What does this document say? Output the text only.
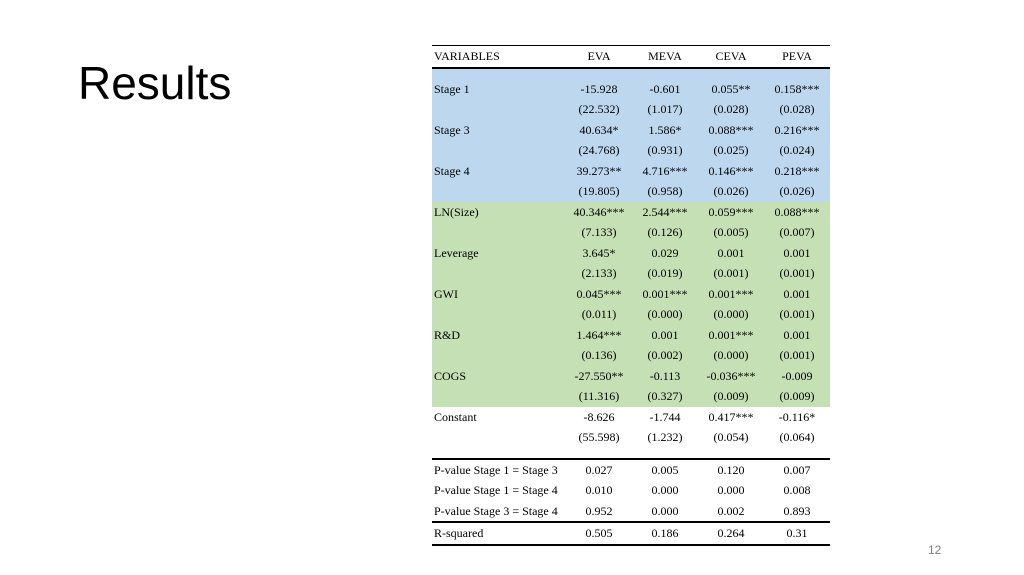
Results
VARIABLES	EVA	MEVA	CEVA	PEVA

Stage 1	-15.928	-0.601	0.055**	0.158***
	(22.532)	(1.017)	(0.028)	(0.028)
Stage 3	40.634*	1.586*	0.088***	0.216***
	(24.768)	(0.931)	(0.025)	(0.024)
Stage 4	39.273**	4.716***	0.146***	0.218***
	(19.805)	(0.958)	(0.026)	(0.026)
LN(Size)	40.346***	2.544***	0.059***	0.088***
	(7.133)	(0.126)	(0.005)	(0.007)
Leverage	3.645*	0.029	0.001	0.001
	(2.133)	(0.019)	(0.001)	(0.001)
GWI	0.045***	0.001***	0.001***	0.001
	(0.011)	(0.000)	(0.000)	(0.001)
R&D	1.464***	0.001	0.001***	0.001
	(0.136)	(0.002)	(0.000)	(0.001)
COGS	-27.550**	-0.113	-0.036***	-0.009
	(11.316)	(0.327)	(0.009)	(0.009)
Constant	-8.626	-1.744	0.417***	-0.116*
	(55.598)	(1.232)	(0.054)	(0.064)

P-value Stage 1 = Stage 3	0.027	0.005	0.120	0.007
P-value Stage 1 = Stage 4	0.010	0.000	0.000	0.008
P-value Stage 3 = Stage 4	0.952	0.000	0.002	0.893
R-squared	0.505	0.186	0.264	0.31
12
